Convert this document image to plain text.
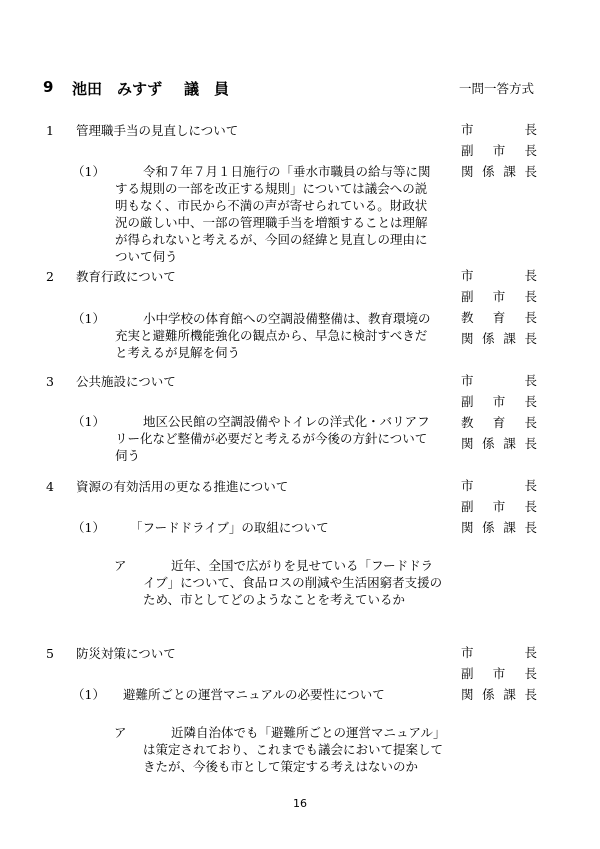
9 池田　みすず 議　員	一問一答方式
1 管理職手当の見直しについて	市	長
副 市 長
関 係 課 長
（1）	令和７年７月１日施行の「垂水市職員の給与等に関する規則の一部を改正する規則」については議会への説明もなく、市民から不満の声が寄せられている。財政状況の厳しい中、一部の管理職手当を増額することは理解が得られないと考えるが、今回の経緯と見直しの理由について伺う
2 教育行政について	市	長
副 市 長
教 育 長
関 係 課 長
（1）	小中学校の体育館への空調設備整備は、教育環境の充実と避難所機能強化の観点から、早急に検討すべきだと考えるが見解を伺う
3 公共施設について	市	長
副 市 長
教 育 長
関 係 課 長
（1）	地区公民館の空調設備やトイレの洋式化・バリアフリー化など整備が必要だと考えるが今後の方針について伺う
4 資源の有効活用の更なる推進について	市	長
副 市 長
関 係 課 長
（1） 「フードドライブ」の取組について
ア	近年、全国で広がりを見せている「フードドライブ」について、食品ロスの削減や生活困窮者支援のため、市としてどのようなことを考えているか
5 防災対策について	市	長
副 市 長
関 係 課 長
（1） 避難所ごとの運営マニュアルの必要性について
ア	近隣自治体でも「避難所ごとの運営マニュアル」は策定されており、これまでも議会において提案してきたが、今後も市として策定する考えはないのか
16
